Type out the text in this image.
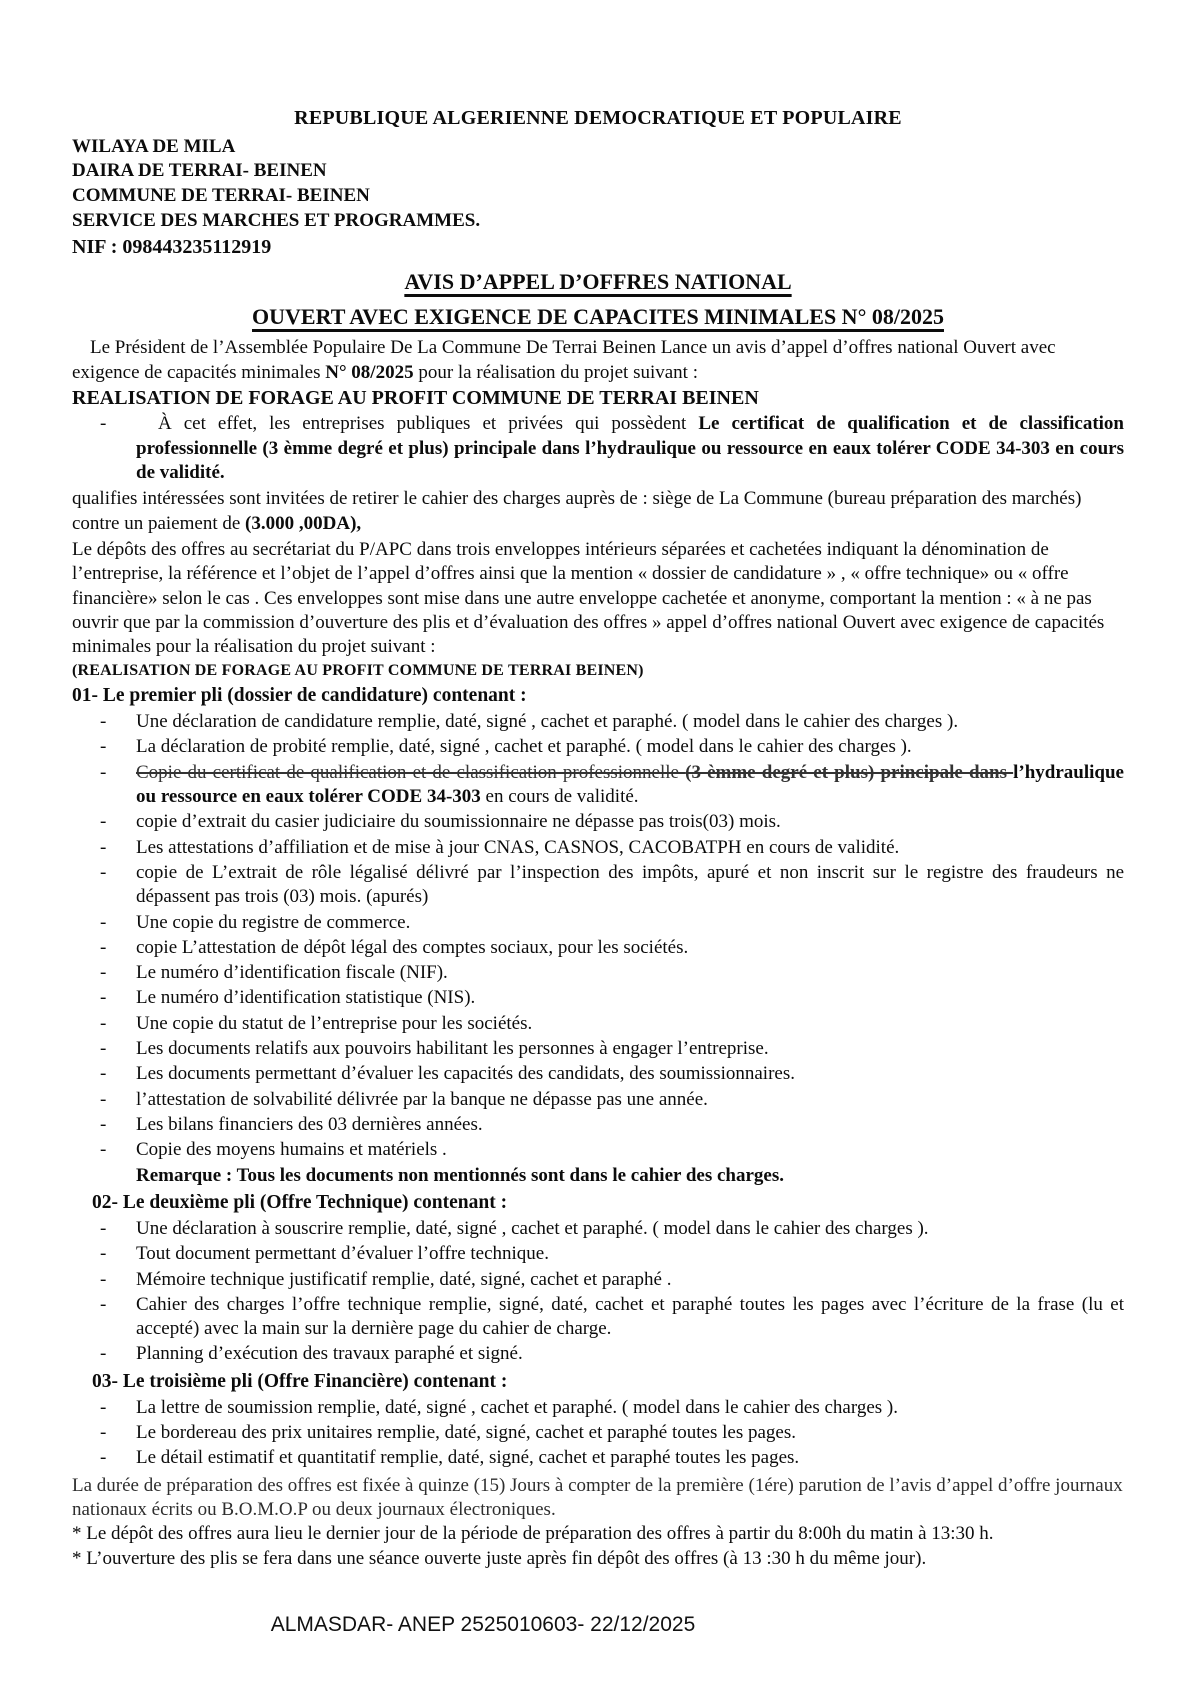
REPUBLIQUE ALGERIENNE DEMOCRATIQUE ET POPULAIRE
WILAYA DE MILA
DAIRA DE TERRAI- BEINEN
COMMUNE DE TERRAI- BEINEN
SERVICE DES MARCHES ET PROGRAMMES.
NIF : 098443235112919
AVIS D’APPEL D’OFFRES NATIONAL
OUVERT AVEC EXIGENCE DE CAPACITES MINIMALES N° 08/2025
Le Président de l’Assemblée Populaire De La Commune De Terrai Beinen Lance un avis d’appel d’offres national Ouvert avec exigence de capacités minimales N° 08/2025 pour la réalisation du projet suivant :
REALISATION DE FORAGE AU PROFIT COMMUNE DE TERRAI BEINEN
-	À cet effet, les entreprises publiques et privées qui possèdent Le certificat de qualification et de classification professionnelle (3 èmme degré et plus) principale dans l’hydraulique ou ressource en eaux tolérer CODE 34-303 en cours de validité.
qualifies intéressées sont invitées de retirer le cahier des charges auprès de : siège de La Commune (bureau préparation des marchés) contre un paiement de (3.000 ,00DA),
Le dépôts des offres au secrétariat du P/APC dans trois enveloppes intérieurs séparées et cachetées indiquant la dénomination de l’entreprise, la référence et l’objet de l’appel d’offres ainsi que la mention « dossier de candidature » , « offre technique» ou « offre financière» selon le cas . Ces enveloppes sont mise dans une autre enveloppe cachetée et anonyme, comportant la mention : « à ne pas ouvrir que par la commission d’ouverture des plis et d’évaluation des offres » appel d’offres national Ouvert avec exigence de capacités minimales pour la réalisation du projet suivant :
(REALISATION DE FORAGE AU PROFIT COMMUNE DE TERRAI BEINEN)
01- Le premier pli (dossier de candidature) contenant :
-	Une déclaration de candidature remplie, daté, signé , cachet et paraphé. ( model dans le cahier des charges ).
-	La déclaration de probité remplie, daté, signé , cachet et paraphé. ( model dans le cahier des charges ).
-	Copie du certificat de qualification et de classification professionnelle (3 èmme degré et plus) principale dans l’hydraulique ou ressource en eaux tolérer CODE 34-303 en cours de validité.
-	copie d’extrait du casier judiciaire du soumissionnaire ne dépasse pas trois(03) mois.
-	Les attestations d’affiliation et de mise à jour CNAS, CASNOS, CACOBATPH en cours de validité.
-	copie de L’extrait de rôle légalisé délivré par l’inspection des impôts, apuré et non inscrit sur le registre des fraudeurs ne dépassent pas trois (03) mois. (apurés)
-	Une copie du registre de commerce.
-	copie L’attestation de dépôt légal des comptes sociaux, pour les sociétés.
-	Le numéro d’identification fiscale (NIF).
-	Le numéro d’identification statistique (NIS).
-	Une copie du statut de l’entreprise pour les sociétés.
-	Les documents relatifs aux pouvoirs habilitant les personnes à engager l’entreprise.
-	Les documents permettant d’évaluer les capacités des candidats, des soumissionnaires.
-	l’attestation de solvabilité délivrée par la banque ne dépasse pas une année.
-	Les bilans financiers des 03 dernières années.
-	Copie des moyens humains et matériels .
Remarque : Tous les documents non mentionnés sont dans le cahier des charges.
02- Le deuxième pli (Offre Technique) contenant :
-	Une déclaration à souscrire remplie, daté, signé , cachet et paraphé. ( model dans le cahier des charges ).
-	Tout document permettant d’évaluer l’offre technique.
-	Mémoire technique justificatif remplie, daté, signé, cachet et paraphé .
-	Cahier des charges l’offre technique remplie, signé, daté, cachet et paraphé toutes les pages avec l’écriture de la frase (lu et accepté) avec la main sur la dernière page du cahier de charge.
-	Planning d’exécution des travaux paraphé et signé.
03- Le troisième pli (Offre Financière) contenant :
-	La lettre de soumission remplie, daté, signé , cachet et paraphé. ( model dans le cahier des charges ).
-	Le bordereau des prix unitaires remplie, daté, signé, cachet et paraphé toutes les pages.
-	Le détail estimatif et quantitatif remplie, daté, signé, cachet et paraphé toutes les pages.
La durée de préparation des offres est fixée à quinze (15) Jours à compter de la première (1ére) parution de l’avis d’appel d’offre journaux nationaux écrits ou B.O.M.O.P ou deux journaux électroniques.
* Le dépôt des offres aura lieu le dernier jour de la période de préparation des offres à partir du 8:00h du matin à 13:30 h.
* L’ouverture des plis se fera dans une séance ouverte juste après fin dépôt des offres (à 13 :30 h du même jour).
ALMASDAR- ANEP 2525010603- 22/12/2025
